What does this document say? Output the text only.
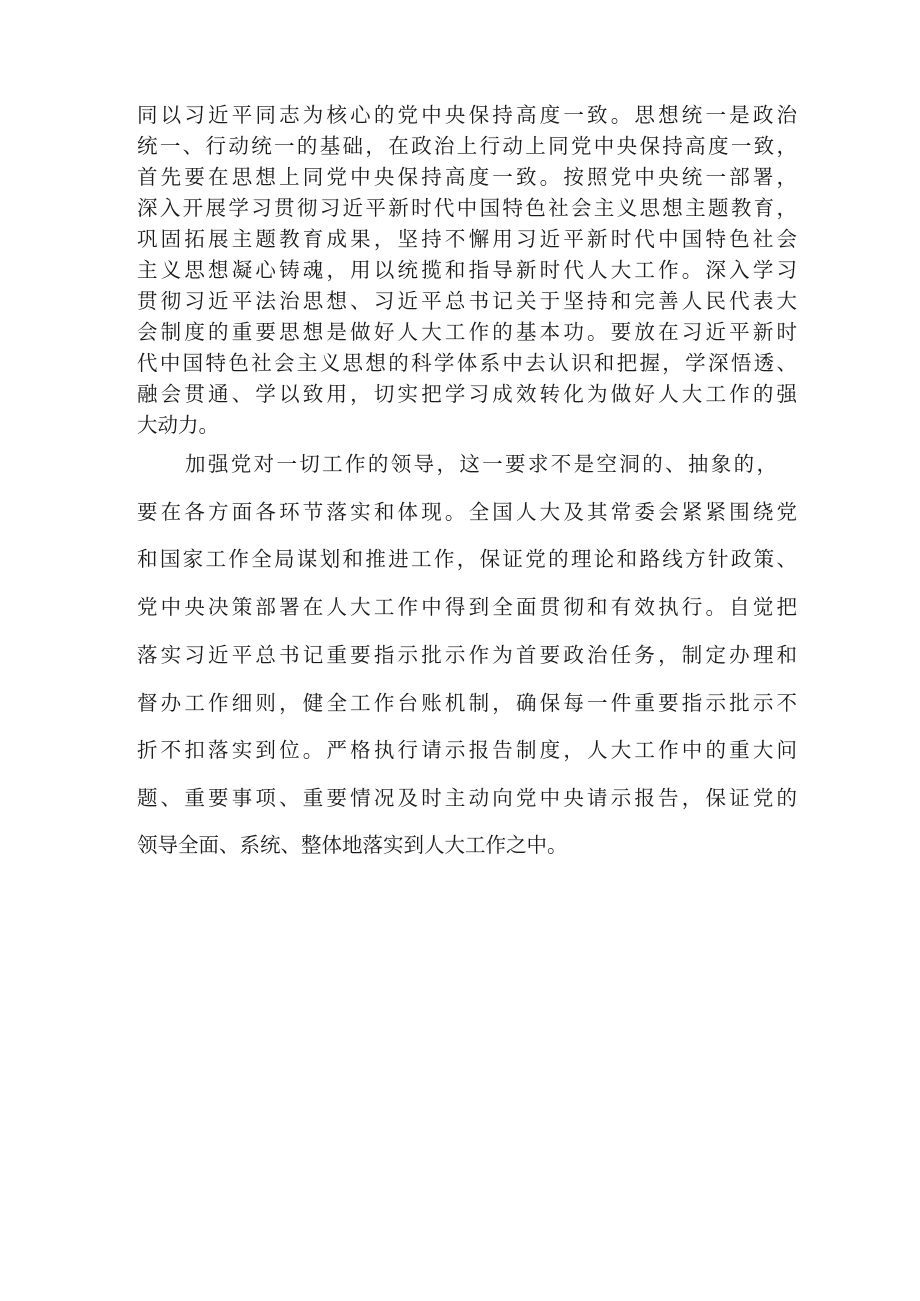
同以习近平同志为核心的党中央保持高度一致。思想统一是政治

统一、行动统一的基础，在政治上行动上同党中央保持高度一致，

首先要在思想上同党中央保持高度一致。按照党中央统一部署，

深入开展学习贯彻习近平新时代中国特色社会主义思想主题教育，

巩固拓展主题教育成果，坚持不懈用习近平新时代中国特色社会

主义思想凝心铸魂，用以统揽和指导新时代人大工作。深入学习

贯彻习近平法治思想、习近平总书记关于坚持和完善人民代表大

会制度的重要思想是做好人大工作的基本功。要放在习近平新时

代中国特色社会主义思想的科学体系中去认识和把握，学深悟透、

融会贯通、学以致用，切实把学习成效转化为做好人大工作的强

大动力。

加强党对一切工作的领导，这一要求不是空洞的、抽象的，

要在各方面各环节落实和体现。全国人大及其常委会紧紧围绕党

和国家工作全局谋划和推进工作，保证党的理论和路线方针政策、

党中央决策部署在人大工作中得到全面贯彻和有效执行。自觉把

落实习近平总书记重要指示批示作为首要政治任务，制定办理和

督办工作细则，健全工作台账机制，确保每一件重要指示批示不

折不扣落实到位。严格执行请示报告制度，人大工作中的重大问

题、重要事项、重要情况及时主动向党中央请示报告，保证党的

领导全面、系统、整体地落实到人大工作之中。
